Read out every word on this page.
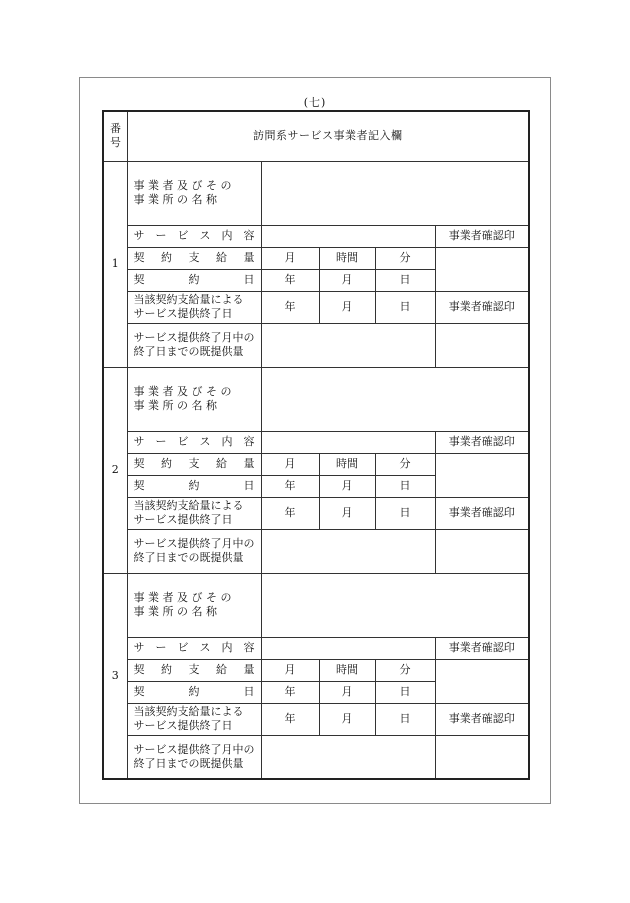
(七)
番
号	訪問系サービス事業者記入欄				
1	事 業 者 及 び そ の
事 業 所 の 名 称				
	サ ー ビ ス 内 容				事業者確認印
	契 約 支 給 量	月	時間	分	
	契 約 日	年	月	日	
	当該契約支給量による
サービス提供終了日	年	月	日	事業者確認印
	サービス提供終了月中の
終了日までの既提供量				
2	事 業 者 及 び そ の
事 業 所 の 名 称				
	サ ー ビ ス 内 容				事業者確認印
	契 約 支 給 量	月	時間	分	
	契 約 日	年	月	日	
	当該契約支給量による
サービス提供終了日	年	月	日	事業者確認印
	サービス提供終了月中の
終了日までの既提供量				
3	事 業 者 及 び そ の
事 業 所 の 名 称				
	サ ー ビ ス 内 容				事業者確認印
	契 約 支 給 量	月	時間	分	
	契 約 日	年	月	日	
	当該契約支給量による
サービス提供終了日	年	月	日	事業者確認印
	サービス提供終了月中の
終了日までの既提供量				
